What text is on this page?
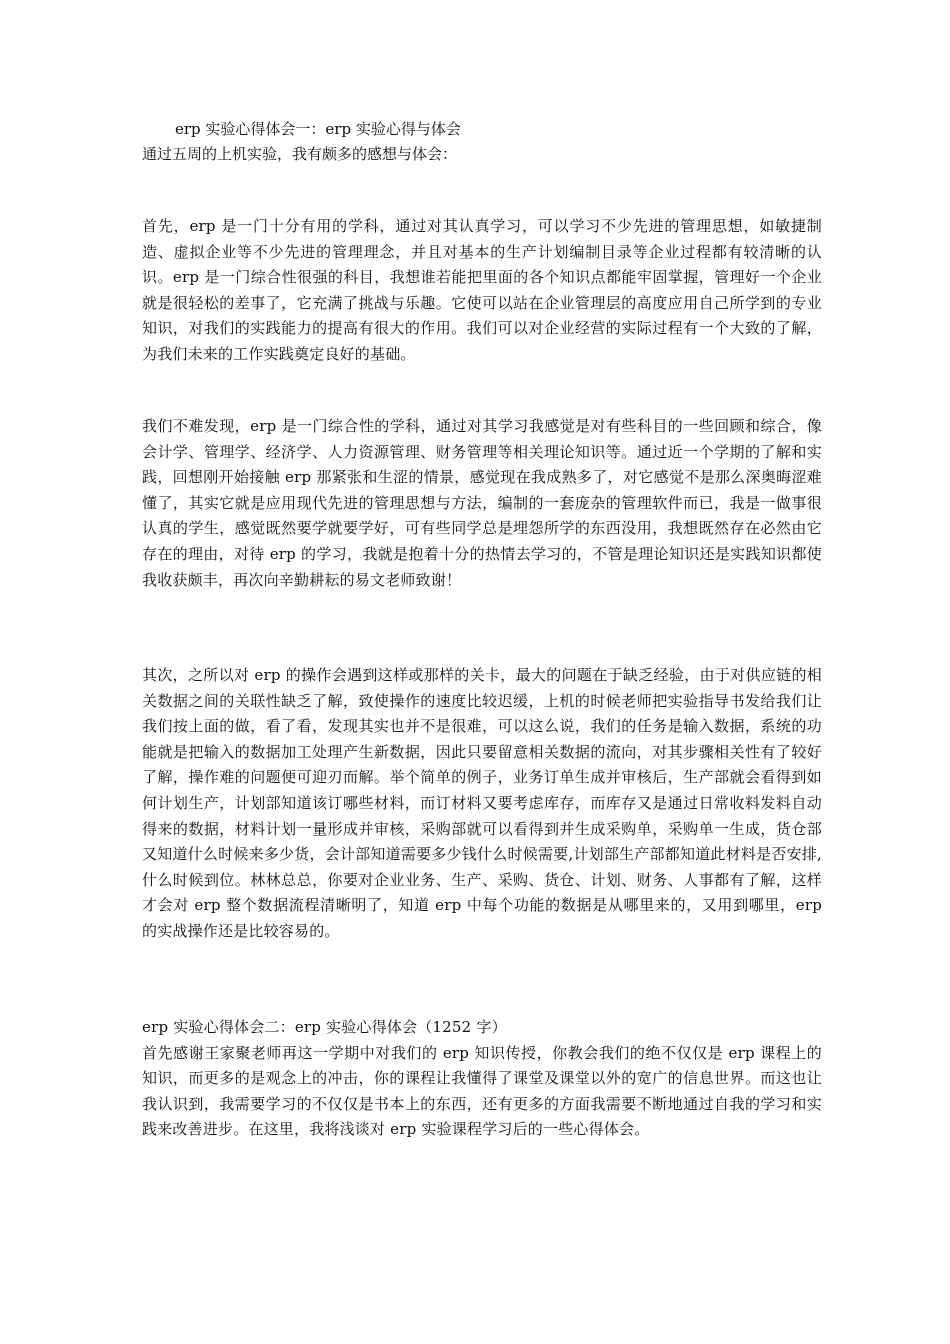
erp 实验心得体会一：erp 实验心得与体会
通过五周的上机实验，我有颇多的感想与体会：

首先，erp 是一门十分有用的学科，通过对其认真学习，可以学习不少先进的管理思想，如敏捷制造、虚拟企业等不少先进的管理理念，并且对基本的生产计划编制目录等企业过程都有较清晰的认识。erp 是一门综合性很强的科目，我想谁若能把里面的各个知识点都能牢固掌握，管理好一个企业就是很轻松的差事了，它充满了挑战与乐趣。它使可以站在企业管理层的高度应用自己所学到的专业知识，对我们的实践能力的提高有很大的作用。我们可以对企业经营的实际过程有一个大致的了解，为我们未来的工作实践奠定良好的基础。

我们不难发现，erp 是一门综合性的学科，通过对其学习我感觉是对有些科目的一些回顾和综合，像会计学、管理学、经济学、人力资源管理、财务管理等相关理论知识等。通过近一个学期的了解和实践，回想刚开始接触 erp 那紧张和生涩的情景，感觉现在我成熟多了，对它感觉不是那么深奥晦涩难懂了，其实它就是应用现代先进的管理思想与方法，编制的一套庞杂的管理软件而已，我是一做事很认真的学生，感觉既然要学就要学好，可有些同学总是埋怨所学的东西没用，我想既然存在必然由它存在的理由，对待 erp 的学习，我就是抱着十分的热情去学习的，不管是理论知识还是实践知识都使我收获颇丰，再次向辛勤耕耘的易文老师致谢！

其次，之所以对 erp 的操作会遇到这样或那样的关卡，最大的问题在于缺乏经验，由于对供应链的相关数据之间的关联性缺乏了解，致使操作的速度比较迟缓，上机的时候老师把实验指导书发给我们让我们按上面的做，看了看，发现其实也并不是很难，可以这么说，我们的任务是输入数据，系统的功能就是把输入的数据加工处理产生新数据，因此只要留意相关数据的流向，对其步骤相关性有了较好了解，操作难的问题便可迎刃而解。举个简单的例子，业务订单生成并审核后，生产部就会看得到如何计划生产，计划部知道该订哪些材料，而订材料又要考虑库存，而库存又是通过日常收料发料自动得来的数据，材料计划一量形成并审核，采购部就可以看得到并生成采购单，采购单一生成，货仓部又知道什么时候来多少货，会计部知道需要多少钱什么时候需要,计划部生产部都知道此材料是否安排,什么时候到位。林林总总，你要对企业业务、生产、采购、货仓、计划、财务、人事都有了解，这样才会对 erp 整个数据流程清晰明了，知道 erp 中每个功能的数据是从哪里来的，又用到哪里，erp 的实战操作还是比较容易的。

erp 实验心得体会二：erp 实验心得体会（1252 字）

首先感谢王家聚老师再这一学期中对我们的 erp 知识传授，你教会我们的绝不仅仅是 erp 课程上的知识，而更多的是观念上的冲击，你的课程让我懂得了课堂及课堂以外的宽广的信息世界。而这也让我认识到，我需要学习的不仅仅是书本上的东西，还有更多的方面我需要不断地通过自我的学习和实践来改善进步。在这里，我将浅谈对 erp 实验课程学习后的一些心得体会。
